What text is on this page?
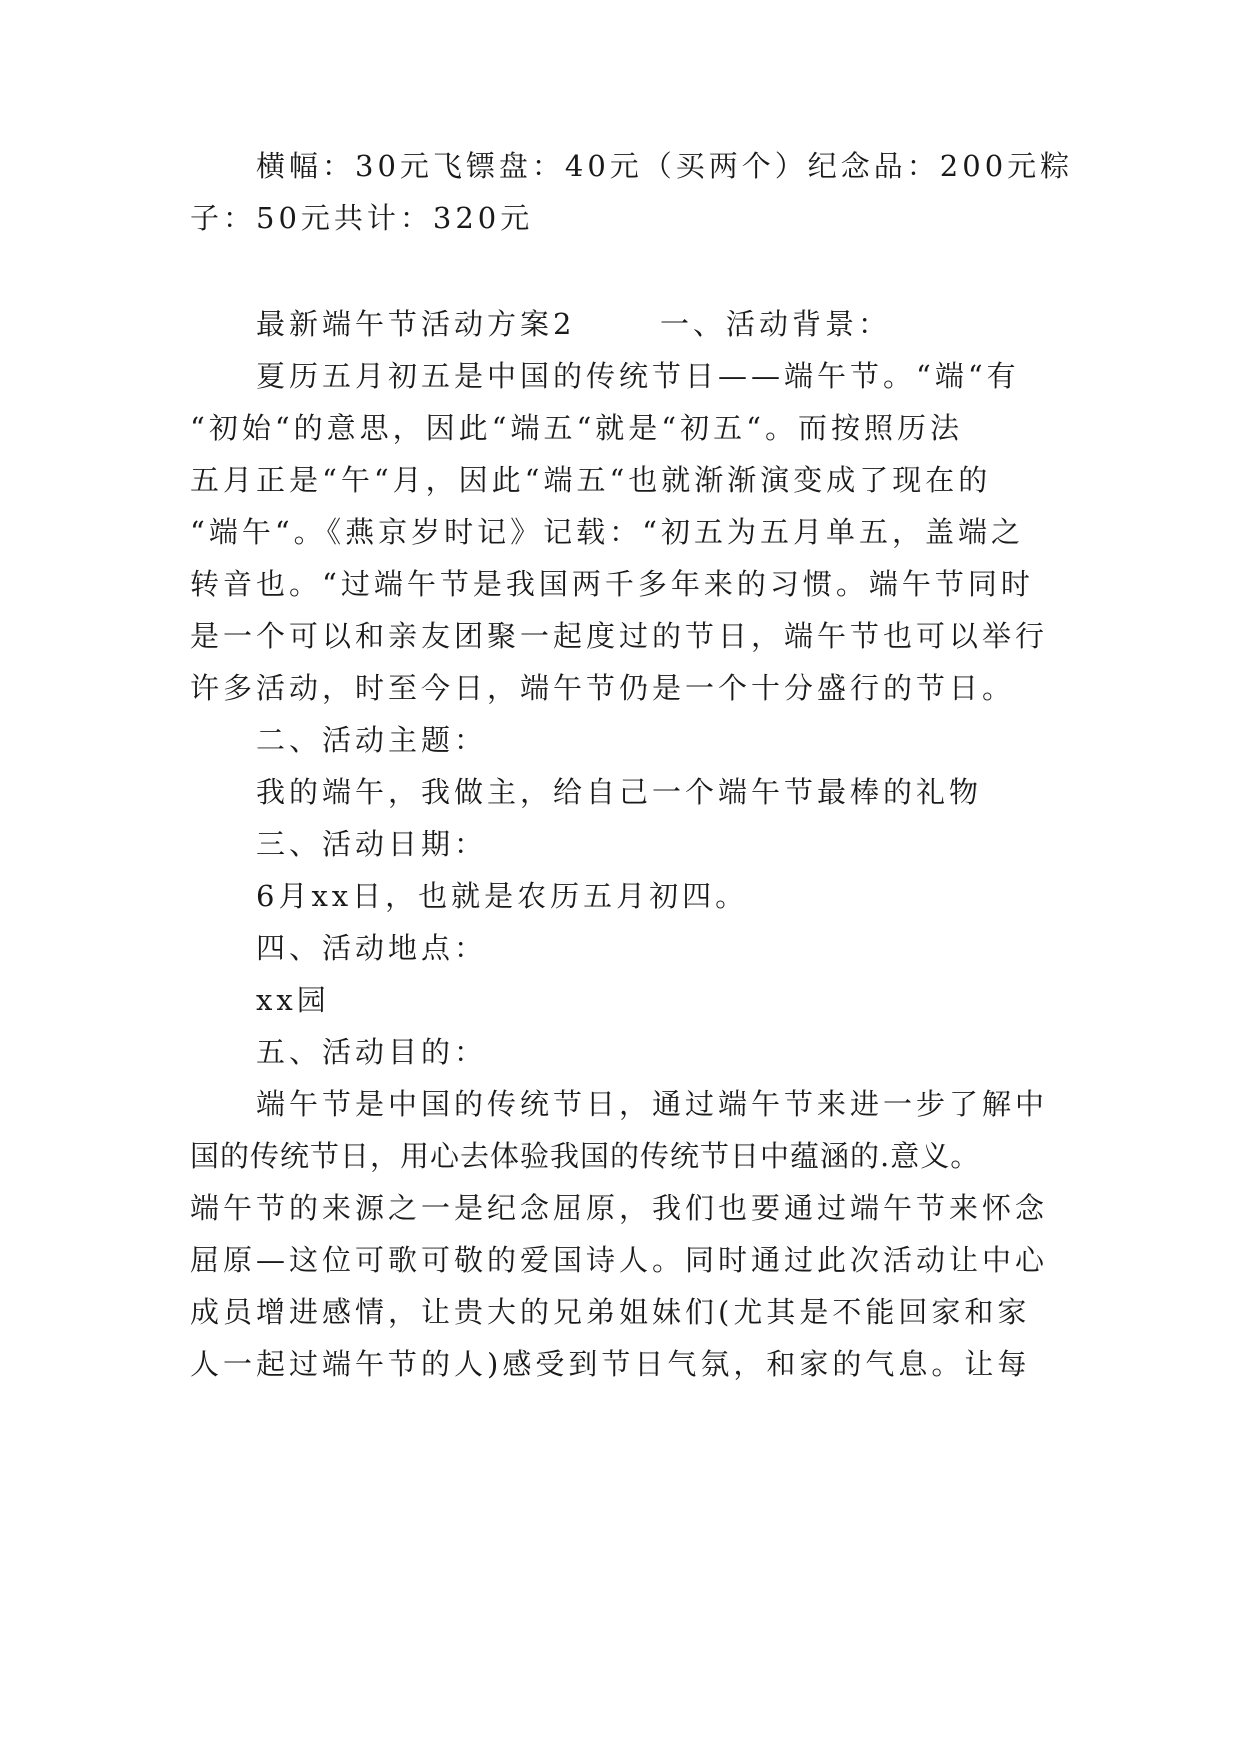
横幅：30元飞镖盘：40元（买两个）纪念品：200元粽
子：50元共计：320元
最新端午节活动方案2	一、活动背景：
夏历五月初五是中国的传统节日——端午节。“端“有
“初始“的意思，因此“端五“就是“初五“。而按照历法
五月正是“午“月，因此“端五“也就渐渐演变成了现在的
“端午“。《燕京岁时记》记载：“初五为五月单五，盖端之
转音也。“过端午节是我国两千多年来的习惯。端午节同时
是一个可以和亲友团聚一起度过的节日，端午节也可以举行
许多活动，时至今日，端午节仍是一个十分盛行的节日。
二、活动主题：
我的端午，我做主，给自己一个端午节最棒的礼物
三、活动日期：
6月xx日，也就是农历五月初四。
四、活动地点：
xx园
五、活动目的：
端午节是中国的传统节日，通过端午节来进一步了解中
国的传统节日，用心去体验我国的传统节日中蕴涵的.意义。
端午节的来源之一是纪念屈原，我们也要通过端午节来怀念
屈原—这位可歌可敬的爱国诗人。同时通过此次活动让中心
成员增进感情，让贵大的兄弟姐妹们(尤其是不能回家和家
人一起过端午节的人)感受到节日气氛，和家的气息。让每
